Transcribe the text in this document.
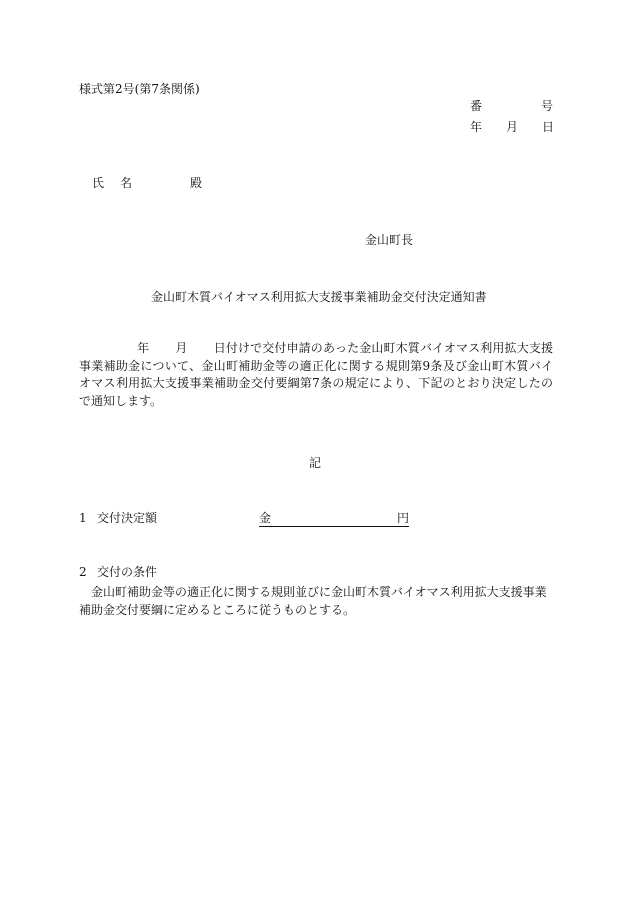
様式第2号(第7条関係)
番	号
年 月 日
氏 名	殿
金山町長
金山町木質バイオマス利用拡大支援事業補助金交付決定通知書
年 月 日付けで交付申請のあった金山町木質バイオマス利用拡大支援事業補助金について、金山町補助金等の適正化に関する規則第9条及び金山町木質バイオマス利用拡大支援事業補助金交付要綱第7条の規定により、下記のとおり決定したので通知します。
記
1 交付決定額	金	円
2 交付の条件
金山町補助金等の適正化に関する規則並びに金山町木質バイオマス利用拡大支援事業補助金交付要綱に定めるところに従うものとする。
